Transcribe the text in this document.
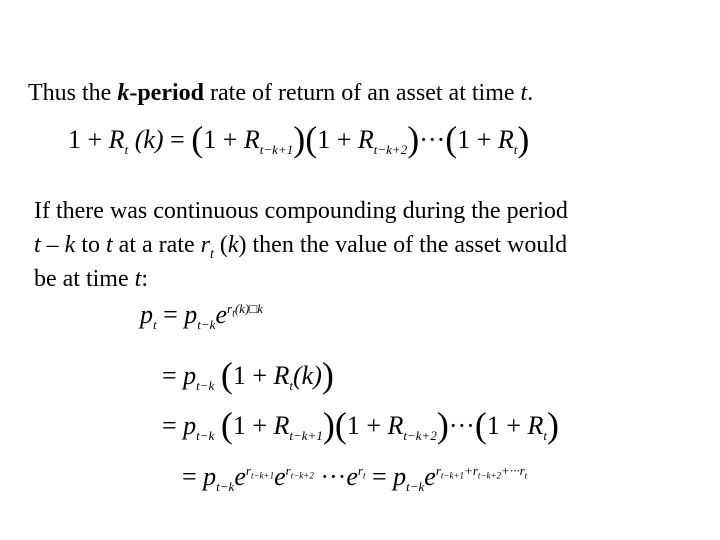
Thus the k-period rate of return of an asset at time t.
$1 + R_t$ $(k) = (1 + R_{t-k+1})(1 + R_{t-k+2})\cdot\cdot\cdot(1 + R_t)$
If there was continuous compounding during the period
t – k to t at a rate $r_t$ (k) then the value of the asset would
be at time t:
$p_t = p_{t-k}e^{r_t(k)□k}$
= $p_{t-k}$ $(1 + R_t(k))$
= $p_{t-k}$ $(1 + R_{t-k+1})(1 + R_{t-k+2})\cdot\cdot\cdot(1 + R_t)$
= $p_{t-k}e^{r_{t-k+1}}e^{r_{t-k+2}} \cdot\cdot\cdot e^{r_t} = p_{t-k}e^{r_{t-k+1}+r_{t-k+2}+\cdot\cdot\cdot r_t}$
